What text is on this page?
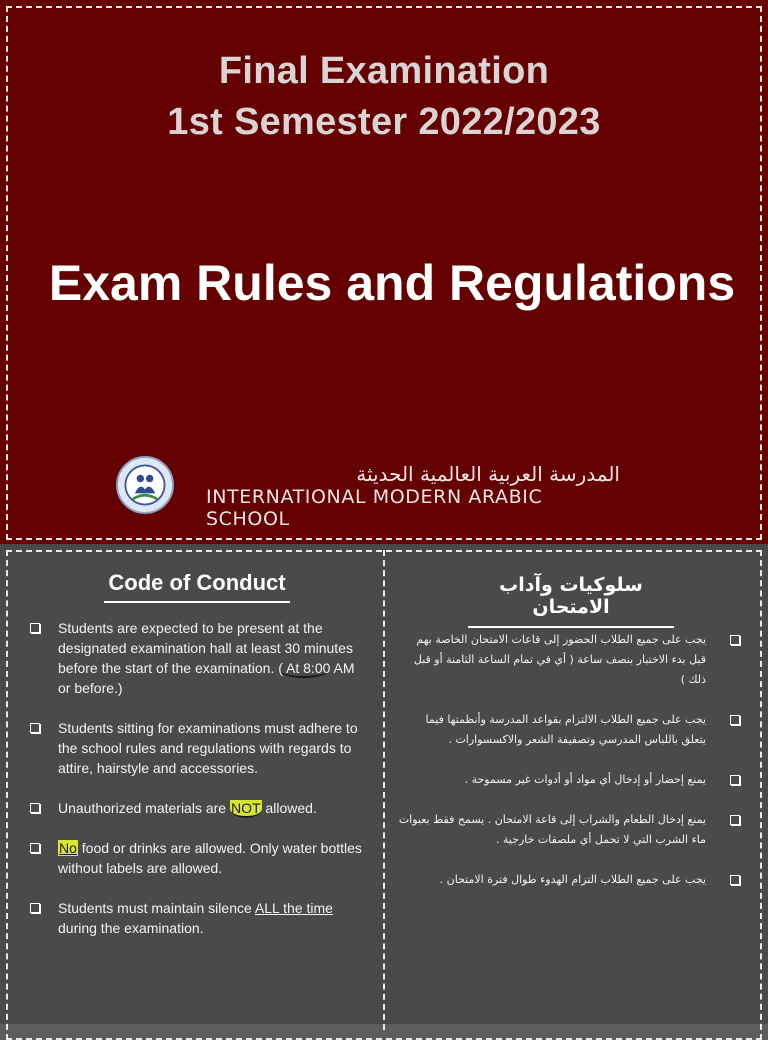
Final Examination
1st Semester 2022/2023
Exam Rules and Regulations
المدرسة العربية العالمية الحديثة
INTERNATIONAL MODERN ARABIC SCHOOL
Code of Conduct	سلوكيات وآداب الامتحان
Students are expected to be present at the designated examination hall at least 30 minutes before the start of the examination. ( At 8:00 AM or before.)
Students sitting for examinations must adhere to the school rules and regulations with regards to attire, hairstyle and accessories.
Unauthorized materials are NOT allowed.
No food or drinks are allowed. Only water bottles without labels are allowed.
Students must maintain silence ALL the time during the examination.
يجب على جميع الطلاب الحضور إلى قاعات الامتحان الخاصة بهم قبل بدء الاختبار بنصف ساعة ( أي في تمام الساعة الثامنة أو قبل ذلك )
يجب على جميع الطلاب الالتزام بقواعد المدرسة وأنظمتها فيما يتعلق باللباس المدرسي وتصفيفة الشعر والاكسسوارات .
يمنع إحضار أو إدخال أي مواد أو أدوات غير مسموحة .
يمنع إدخال الطعام والشراب إلى قاعة الامتحان . يسمح فقط بعبوات ماء الشرب التي لا تحمل أي ملصقات خارجية .
يجب على جميع الطلاب التزام الهدوء طوال فترة الامتحان .
